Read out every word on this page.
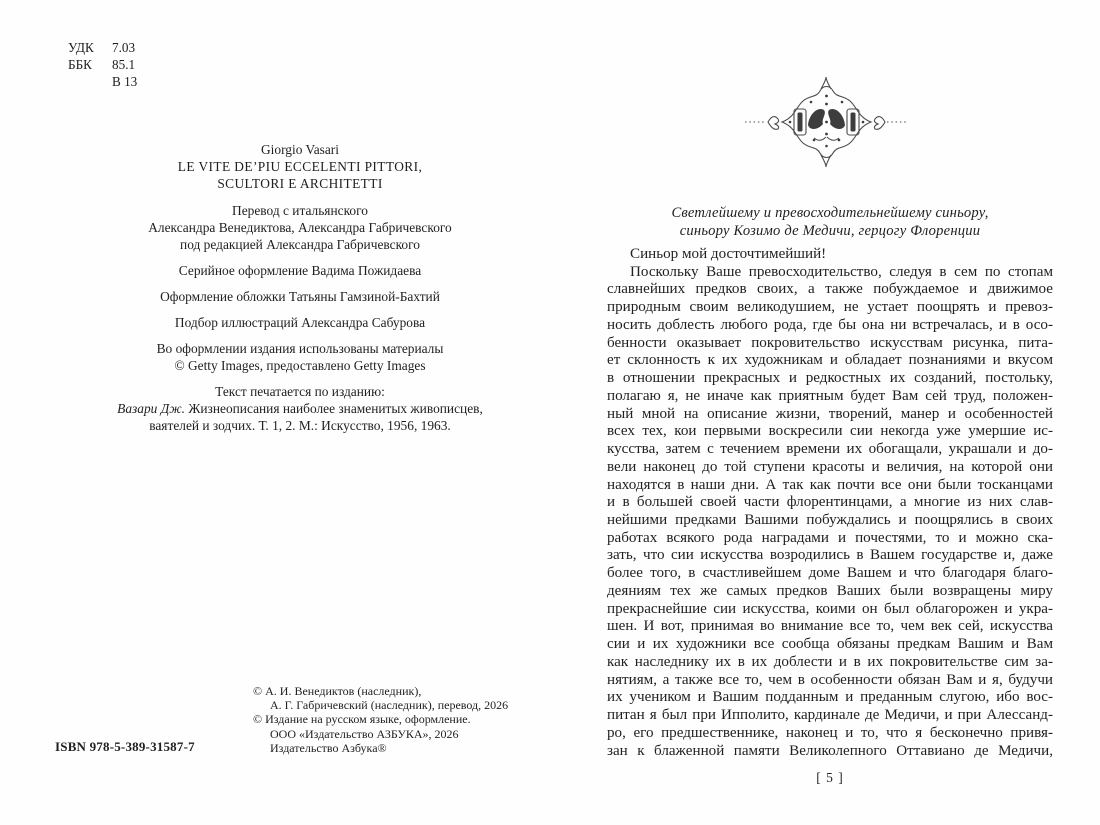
УДК	7.03
ББК	85.1
В 13
Giorgio Vasari
LE VITE DE’PIU ECCELENTI PITTORI,
SCULTORI E ARCHITETTI
Перевод с итальянского
Александра Венедиктова, Александра Габричевского
под редакцией Александра Габричевского
Серийное оформление Вадима Пожидаева
Оформление обложки Татьяны Гамзиной-Бахтий
Подбор иллюстраций Александра Сабурова
Во оформлении издания использованы материалы
© Getty Images, предоставлено Getty Images
Текст печатается по изданию:
Вазари Дж. Жизнеописания наиболее знаменитых живописцев,
ваятелей и зодчих. Т. 1, 2. М.: Искусство, 1956, 1963.
© А. И. Венедиктов (наследник),
А. Г. Габричевский (наследник), перевод, 2026
© Издание на русском языке, оформление.
ООО «Издательство АЗБУКА», 2026
Издательство Азбука®
ISBN 978-5-389-31587-7
Светлейшему и превосходительнейшему синьору,
синьору Козимо де Медичи, герцогу Флоренции
Синьор мой досточтимейший!
Поскольку Ваше превосходительство, следуя в сем по стопам
славнейших предков своих, а также побуждаемое и движимое
природным своим великодушием, не устает поощрять и превоз-
носить доблесть любого рода, где бы она ни встречалась, и в осо-
бенности оказывает покровительство искусствам рисунка, пита-
ет склонность к их художникам и обладает познаниями и вкусом
в отношении прекрасных и редкостных их созданий, постольку,
полагаю я, не иначе как приятным будет Вам сей труд, положен-
ный мной на описание жизни, творений, манер и особенностей
всех тех, кои первыми воскресили сии некогда уже умершие ис-
кусства, затем с течением времени их обогащали, украшали и до-
вели наконец до той ступени красоты и величия, на которой они
находятся в наши дни. А так как почти все они были тосканцами
и в большей своей части флорентинцами, а многие из них слав-
нейшими предками Вашими побуждались и поощрялись в своих
работах всякого рода наградами и почестями, то и можно ска-
зать, что сии искусства возродились в Вашем государстве и, даже
более того, в счастливейшем доме Вашем и что благодаря благо-
деяниям тех же самых предков Ваших были возвращены миру
прекраснейшие сии искусства, коими он был облагорожен и укра-
шен. И вот, принимая во внимание все то, чем век сей, искусства
сии и их художники все сообща обязаны предкам Вашим и Вам
как наследнику их в их доблести и в их покровительстве сим за-
нятиям, а также все то, чем в особенности обязан Вам и я, будучи
их учеником и Вашим подданным и преданным слугою, ибо вос-
питан я был при Ипполито, кардинале де Медичи, и при Алессанд-
ро, его предшественнике, наконец и то, что я бесконечно привя-
зан к блаженной памяти Великолепного Оттавиано де Медичи,
[ 5 ]
